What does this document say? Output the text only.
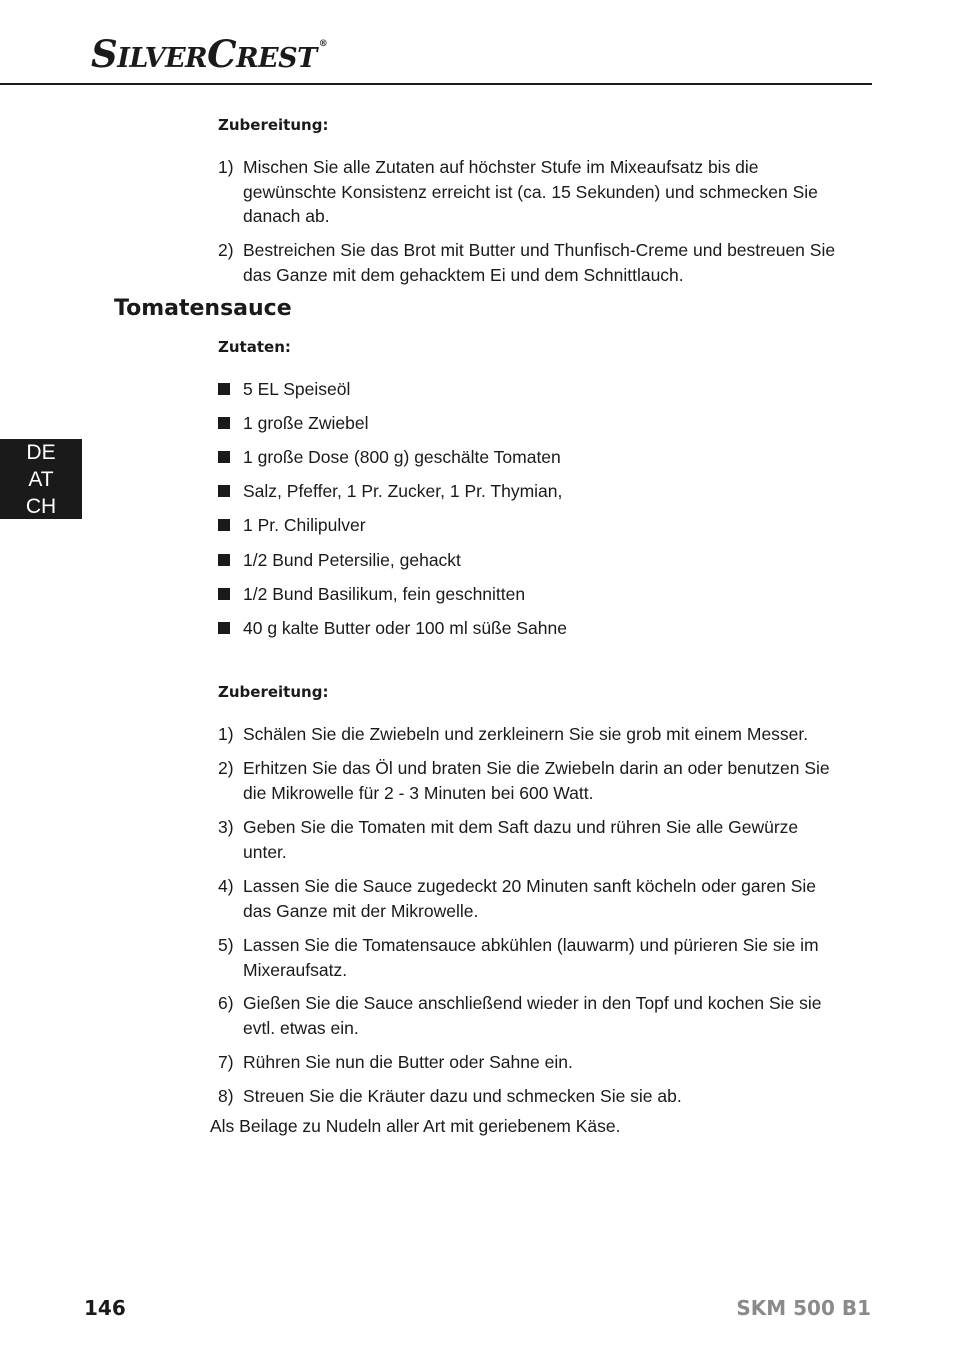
SILVERCREST ®
DE
AT
CH
Zubereitung:
1) Mischen Sie alle Zutaten auf höchster Stufe im Mixeaufsatz bis die gewünschte Konsistenz erreicht ist (ca. 15 Sekunden) und schmecken Sie danach ab.
2) Bestreichen Sie das Brot mit Butter und Thunfisch-Creme und bestreuen Sie das Ganze mit dem gehacktem Ei und dem Schnittlauch.
Tomatensauce
Zutaten:
5 EL Speiseöl
1 große Zwiebel
1 große Dose (800 g) geschälte Tomaten
Salz, Pfeffer, 1 Pr. Zucker, 1 Pr. Thymian,
1 Pr. Chilipulver
1/2 Bund Petersilie, gehackt
1/2 Bund Basilikum, fein geschnitten
40 g kalte Butter oder 100 ml süße Sahne
Zubereitung:
1) Schälen Sie die Zwiebeln und zerkleinern Sie sie grob mit einem Messer.
2) Erhitzen Sie das Öl und braten Sie die Zwiebeln darin an oder benutzen Sie die Mikrowelle für 2 - 3 Minuten bei 600 Watt.
3) Geben Sie die Tomaten mit dem Saft dazu und rühren Sie alle Gewürze unter.
4) Lassen Sie die Sauce zugedeckt 20 Minuten sanft köcheln oder garen Sie das Ganze mit der Mikrowelle.
5) Lassen Sie die Tomatensauce abkühlen (lauwarm) und pürieren Sie sie im Mixeraufsatz.
6) Gießen Sie die Sauce anschließend wieder in den Topf und kochen Sie sie evtl. etwas ein.
7) Rühren Sie nun die Butter oder Sahne ein.
8) Streuen Sie die Kräuter dazu und schmecken Sie sie ab.
Als Beilage zu Nudeln aller Art mit geriebenem Käse.
146	SKM 500 B1
